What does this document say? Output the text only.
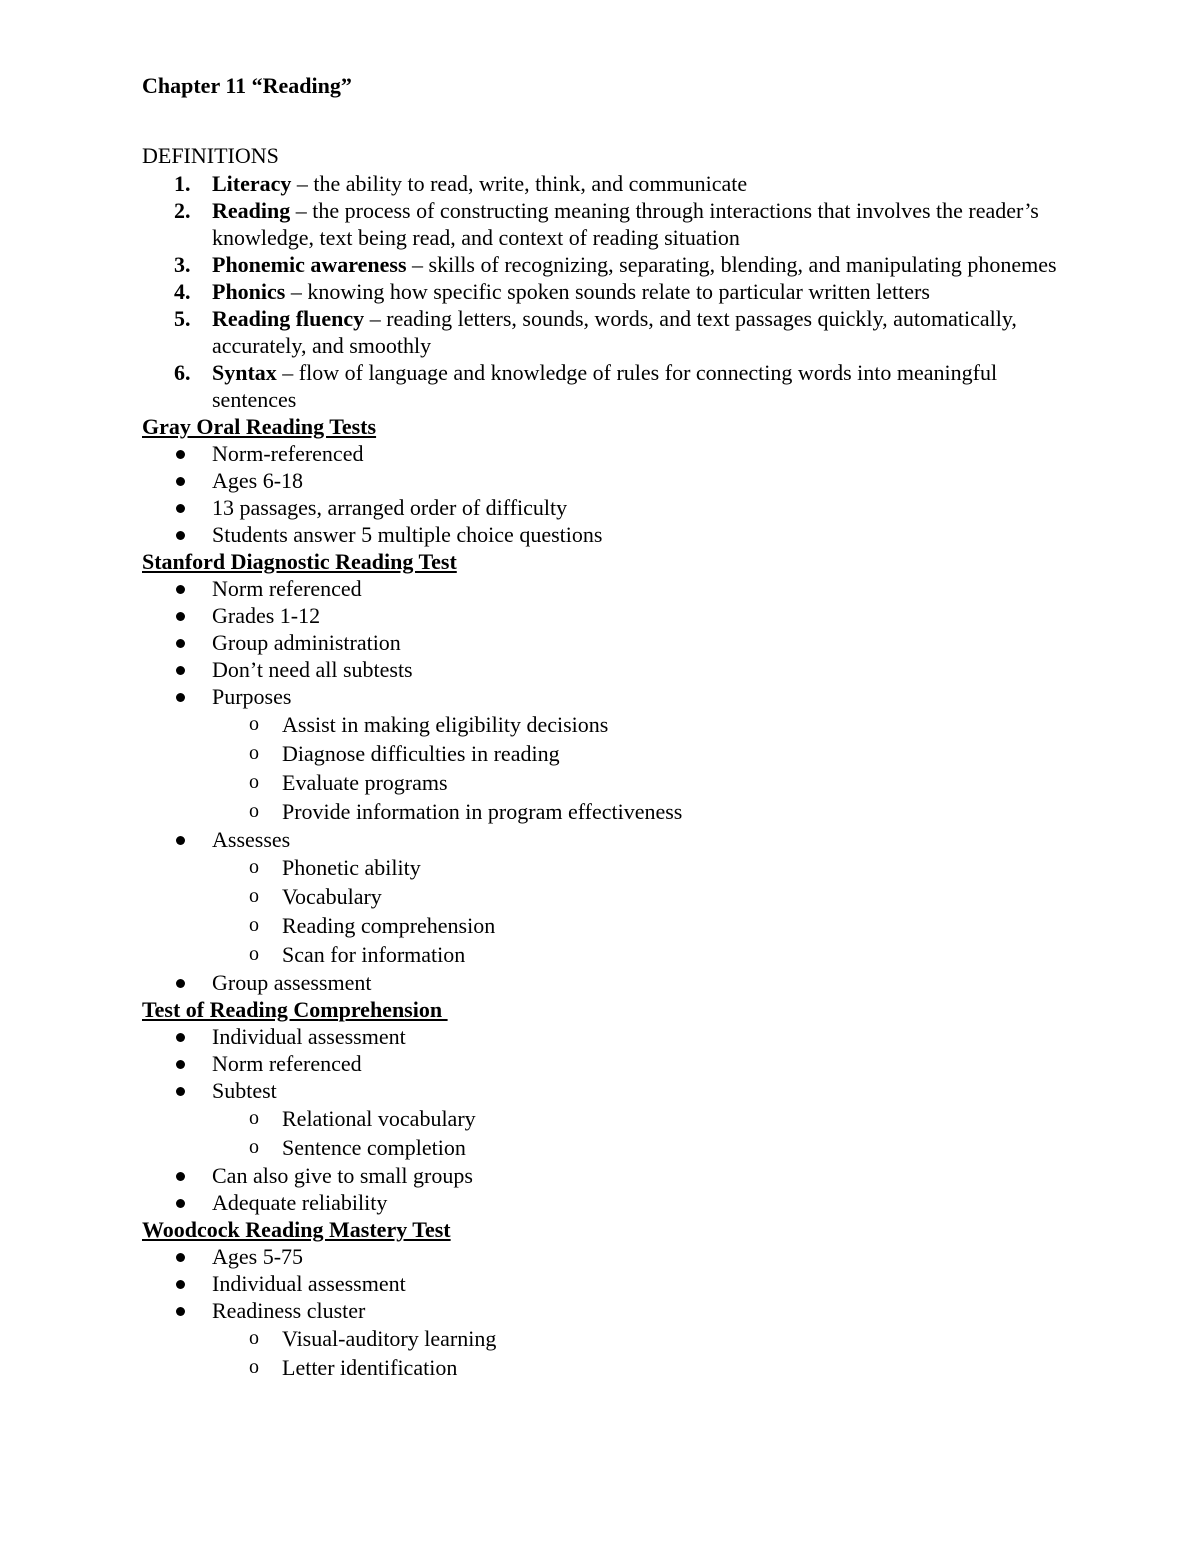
Chapter 11 “Reading”
DEFINITIONS
1. Literacy – the ability to read, write, think, and communicate
2. Reading – the process of constructing meaning through interactions that involves the reader’s knowledge, text being read, and context of reading situation
3. Phonemic awareness – skills of recognizing, separating, blending, and manipulating phonemes
4. Phonics – knowing how specific spoken sounds relate to particular written letters
5. Reading fluency – reading letters, sounds, words, and text passages quickly, automatically, accurately, and smoothly
6. Syntax – flow of language and knowledge of rules for connecting words into meaningful sentences
Gray Oral Reading Tests
Norm-referenced
Ages 6-18
13 passages, arranged order of difficulty
Students answer 5 multiple choice questions
Stanford Diagnostic Reading Test
Norm referenced
Grades 1-12
Group administration
Don’t need all subtests
Purposes
o Assist in making eligibility decisions
o Diagnose difficulties in reading
o Evaluate programs
o Provide information in program effectiveness
Assesses
o Phonetic ability
o Vocabulary
o Reading comprehension
o Scan for information
Group assessment
Test of Reading Comprehension
Individual assessment
Norm referenced
Subtest
o Relational vocabulary
o Sentence completion
Can also give to small groups
Adequate reliability
Woodcock Reading Mastery Test
Ages 5-75
Individual assessment
Readiness cluster
o Visual-auditory learning
o Letter identification
